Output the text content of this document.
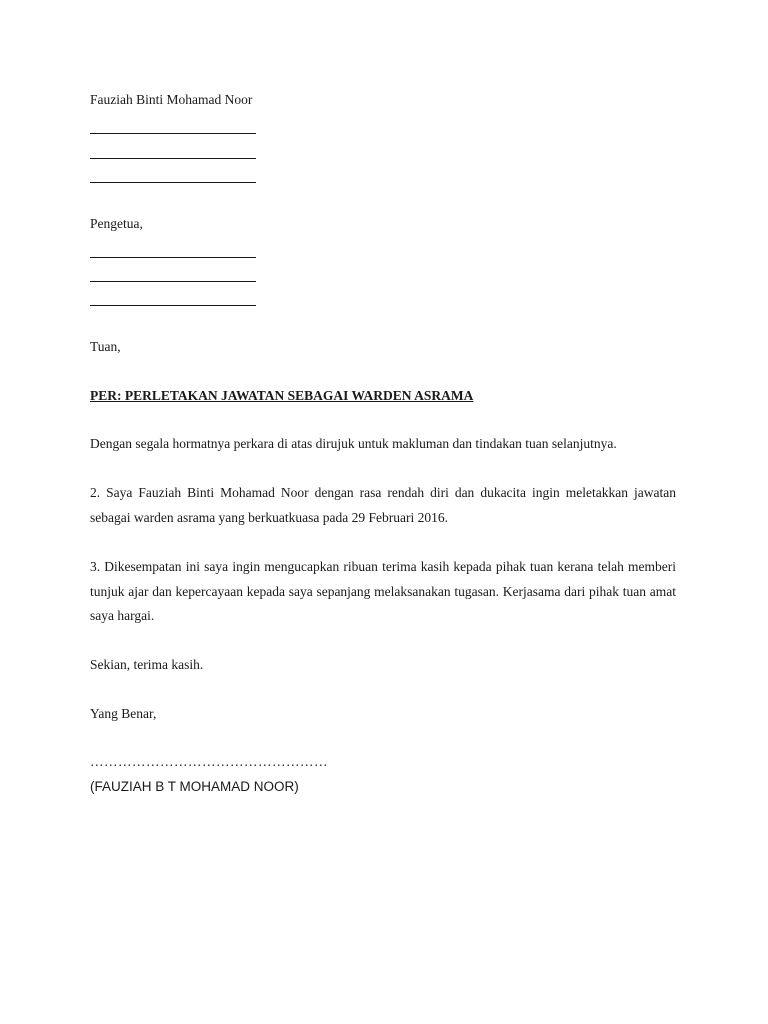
Fauziah Binti Mohamad Noor
Pengetua,
Tuan,
PER: PERLETAKAN JAWATAN SEBAGAI WARDEN ASRAMA
Dengan segala hormatnya perkara di atas dirujuk untuk makluman dan tindakan tuan selanjutnya.
2. Saya Fauziah Binti Mohamad Noor dengan rasa rendah diri dan dukacita ingin meletakkan jawatan sebagai warden asrama yang berkuatkuasa pada 29 Februari 2016.
3. Dikesempatan ini saya ingin mengucapkan ribuan terima kasih kepada pihak tuan kerana telah memberi tunjuk ajar dan kepercayaan kepada saya sepanjang melaksanakan tugasan. Kerjasama dari pihak tuan amat saya hargai.
Sekian, terima kasih.
Yang Benar,
……………………………………………
(FAUZIAH B T MOHAMAD NOOR)
